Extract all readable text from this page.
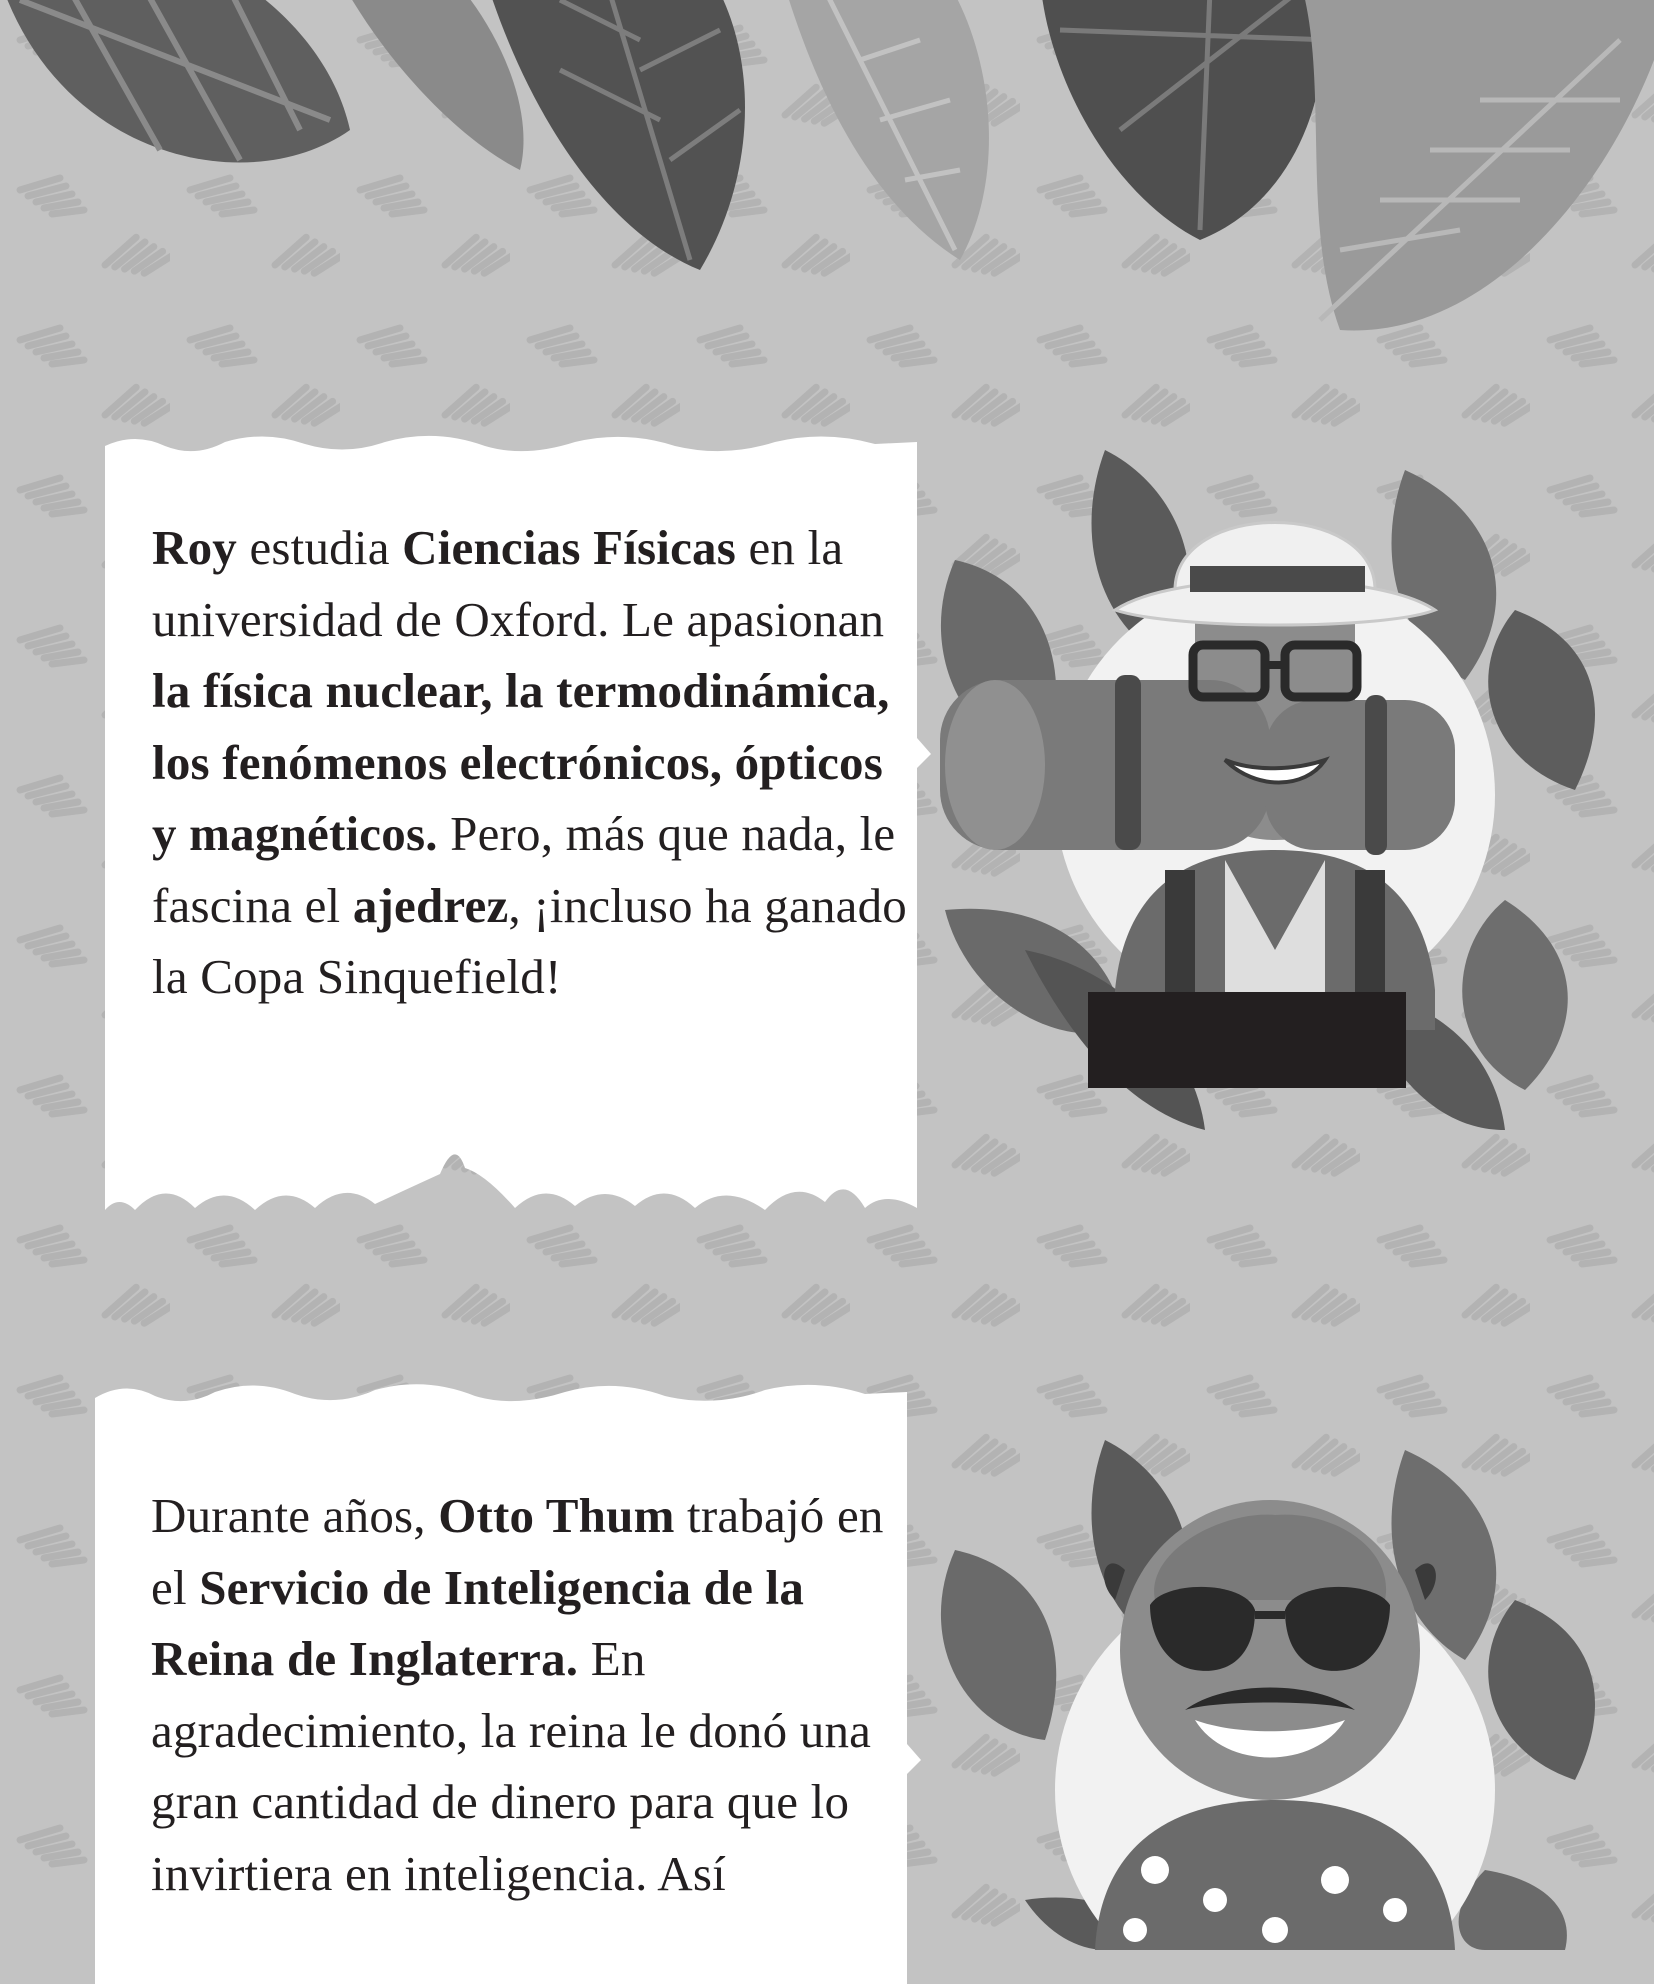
Roy estudia Ciencias Físicas en la universidad de Oxford. Le apasionan la física nuclear, la termodinámica, los fenómenos electrónicos, ópticos y magnéticos. Pero, más que nada, le fascina el ajedrez, ¡incluso ha ganado la Copa Sinquefield!
Durante años, Otto Thum trabajó en el Servicio de Inteligencia de la Reina de Inglaterra. En agradecimiento, la reina le donó una gran cantidad de dinero para que lo invirtiera en inteligencia. Así
